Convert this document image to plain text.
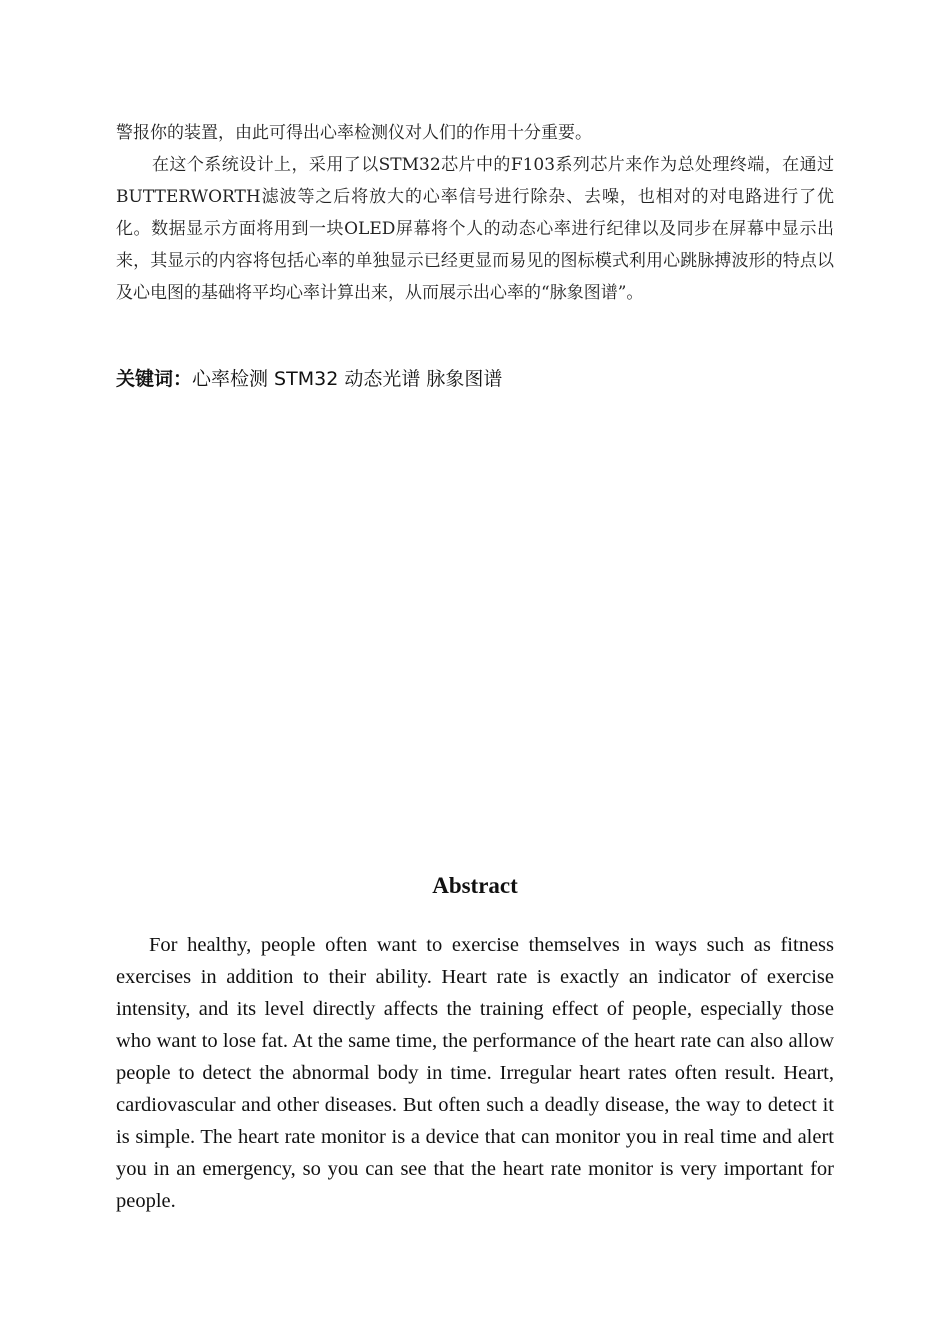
警报你的装置，由此可得出心率检测仪对人们的作用十分重要。

在这个系统设计上，采用了以STM32芯片中的F103系列芯片来作为总处理终端，在通过BUTTERWORTH滤波等之后将放大的心率信号进行除杂、去噪，也相对的对电路进行了优化。数据显示方面将用到一块OLED屏幕将个人的动态心率进行纪律以及同步在屏幕中显示出来，其显示的内容将包括心率的单独显示已经更显而易见的图标模式利用心跳脉搏波形的特点以及心电图的基础将平均心率计算出来，从而展示出心率的“脉象图谱”。

关键词：心率检测 STM32 动态光谱 脉象图谱
Abstract

For healthy, people often want to exercise themselves in ways such as fitness exercises in addition to their ability. Heart rate is exactly an indicator of exercise intensity, and its level directly affects the training effect of people, especially those who want to lose fat. At the same time, the performance of the heart rate can also allow people to detect the abnormal body in time. Irregular heart rates often result. Heart, cardiovascular and other diseases. But often such a deadly disease, the way to detect it is simple. The heart rate monitor is a device that can monitor you in real time and alert you in an emergency, so you can see that the heart rate monitor is very important for people.
